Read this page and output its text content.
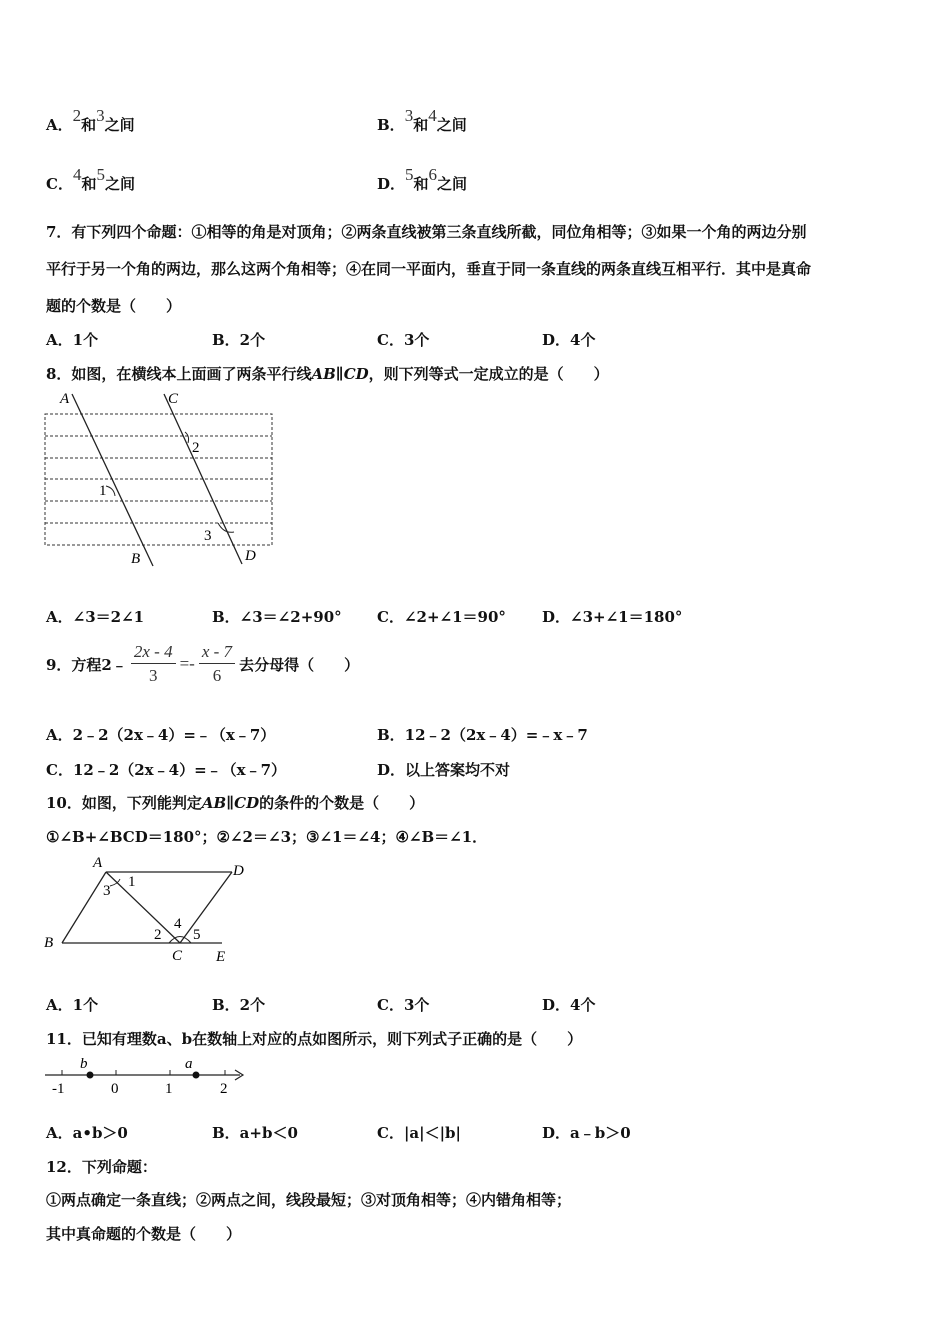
A．2和3之间	B．3和4之间
C．4和5之间	D．5和6之间
7．有下列四个命题：①相等的角是对顶角；②两条直线被第三条直线所截，同位角相等；③如果一个角的两边分别
平行于另一个角的两边，那么这两个角相等；④在同一平面内，垂直于同一条直线的两条直线互相平行．其中是真命
题的个数是（　　）
A．1个	B．2个	C．3个	D．4个
8．如图，在横线本上面画了两条平行线AB∥CD，则下列等式一定成立的是（　　）
A	C
2
1
3
B	D
A．∠3＝2∠1	B．∠3＝∠2+90° C．∠2+∠1＝90° D．∠3+∠1＝180°
9．方程2﹣ $\frac{2x - 4}{3} =- \frac{x - 7}{6}$ 去分母得（　　）
A．2﹣2（2x﹣4）=﹣（x﹣7）	B．12﹣2（2x﹣4）=﹣x﹣7
C．12﹣2（2x﹣4）=﹣（x﹣7）	D．以上答案均不对
10．如图，下列能判定AB∥CD的条件的个数是（　　）
①∠B+∠BCD＝180°；②∠2＝∠3；③∠1＝∠4；④∠B＝∠1．
A	D
1
3
B
C E
2
4
5
A．1个	B．2个	C．3个	D．4个
11．已知有理数a、b在数轴上对应的点如图所示，则下列式子正确的是（　　）
b	a
-1	0	1	2
A．a•b＞0	B．a+b＜0	C．|a|＜|b|	D．a﹣b＞0
12．下列命题：
①两点确定一条直线；②两点之间，线段最短；③对顶角相等；④内错角相等；
其中真命题的个数是（　　）
